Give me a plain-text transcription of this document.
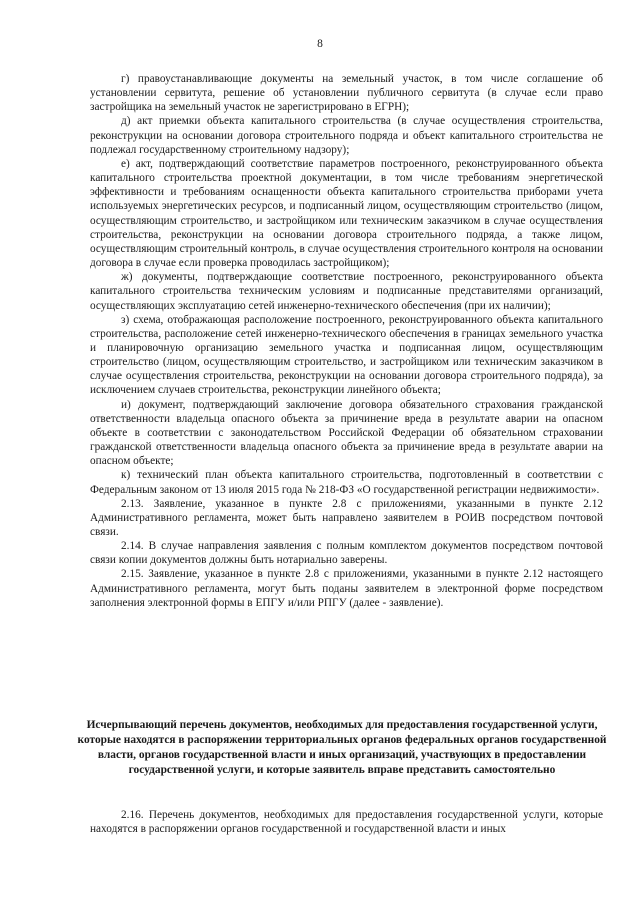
8

г) правоустанавливающие документы на земельный участок, в том числе соглашение об установлении сервитута, решение об установлении публичного сервитута (в случае если право застройщика на земельный участок не зарегистрировано в ЕГРН);

д) акт приемки объекта капитального строительства (в случае осуществления строительства, реконструкции на основании договора строительного подряда и объект капитального строительства не подлежал государственному строительному надзору);

е) акт, подтверждающий соответствие параметров построенного, реконструированного объекта капитального строительства проектной документации, в том числе требованиям энергетической эффективности и требованиям оснащенности объекта капитального строительства приборами учета используемых энергетических ресурсов, и подписанный лицом, осуществляющим строительство (лицом, осуществляющим строительство, и застройщиком или техническим заказчиком в случае осуществления строительства, реконструкции на основании договора строительного подряда, а также лицом, осуществляющим строительный контроль, в случае осуществления строительного контроля на основании договора в случае если проверка проводилась застройщиком);

ж) документы, подтверждающие соответствие построенного, реконструированного объекта капитального строительства техническим условиям и подписанные представителями организаций, осуществляющих эксплуатацию сетей инженерно-технического обеспечения (при их наличии);

з) схема, отображающая расположение построенного, реконструированного объекта капитального строительства, расположение сетей инженерно-технического обеспечения в границах земельного участка и планировочную организацию земельного участка и подписанная лицом, осуществляющим строительство (лицом, осуществляющим строительство, и застройщиком или техническим заказчиком в случае осуществления строительства, реконструкции на основании договора строительного подряда), за исключением случаев строительства, реконструкции линейного объекта;

и) документ, подтверждающий заключение договора обязательного страхования гражданской ответственности владельца опасного объекта за причинение вреда в результате аварии на опасном объекте в соответствии с законодательством Российской Федерации об обязательном страховании гражданской ответственности владельца опасного объекта за причинение вреда в результате аварии на опасном объекте;

к) технический план объекта капитального строительства, подготовленный в соответствии с Федеральным законом от 13 июля 2015 года № 218-ФЗ «О государственной регистрации недвижимости».

2.13. Заявление, указанное в пункте 2.8 с приложениями, указанными в пункте 2.12 Административного регламента, может быть направлено заявителем в РОИВ посредством почтовой связи.

2.14. В случае направления заявления с полным комплектом документов посредством почтовой связи копии документов должны быть нотариально заверены.

2.15. Заявление, указанное в пункте 2.8 с приложениями, указанными в пункте 2.12 настоящего Административного регламента, могут быть поданы заявителем в электронной форме посредством заполнения электронной формы в ЕПГУ и/или РПГУ (далее - заявление).

Исчерпывающий перечень документов, необходимых для предоставления государственной услуги, которые находятся в распоряжении территориальных органов федеральных органов государственной власти, органов государственной власти и иных организаций, участвующих в предоставлении государственной услуги, и которые заявитель вправе представить самостоятельно

2.16. Перечень документов, необходимых для предоставления государственной услуги, которые находятся в распоряжении органов государственной и государственной власти и иных
